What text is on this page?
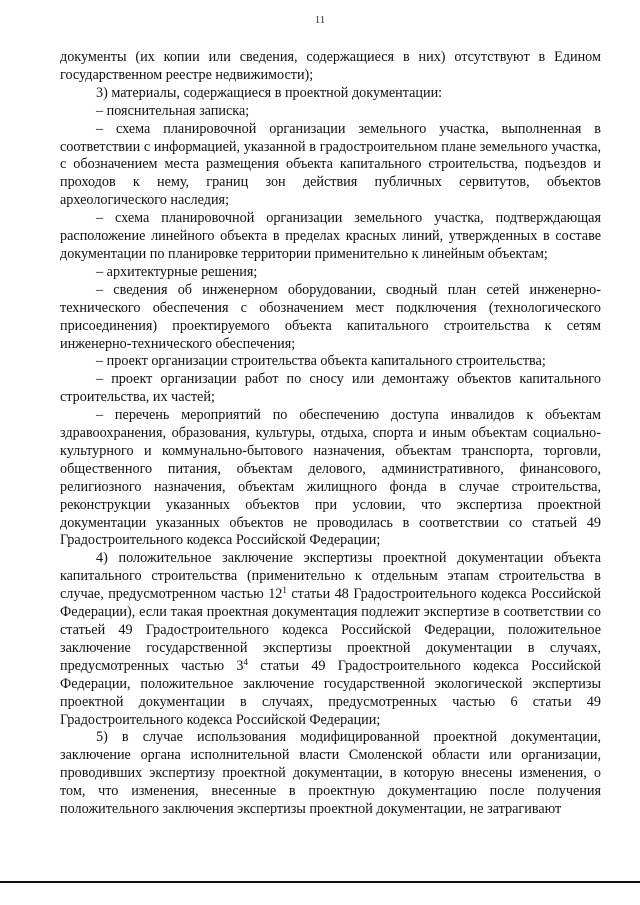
11

документы (их копии или сведения, содержащиеся в них) отсутствуют в Едином государственном реестре недвижимости);

3) материалы, содержащиеся в проектной документации:

– пояснительная записка;

– схема планировочной организации земельного участка, выполненная в соответствии с информацией, указанной в градостроительном плане земельного участка, с обозначением места размещения объекта капитального строительства, подъездов и проходов к нему, границ зон действия публичных сервитутов, объектов археологического наследия;

– схема планировочной организации земельного участка, подтверждающая расположение линейного объекта в пределах красных линий, утвержденных в составе документации по планировке территории применительно к линейным объектам;

– архитектурные решения;

– сведения об инженерном оборудовании, сводный план сетей инженерно-технического обеспечения с обозначением мест подключения (технологического присоединения) проектируемого объекта капитального строительства к сетям инженерно-технического обеспечения;

– проект организации строительства объекта капитального строительства;

– проект организации работ по сносу или демонтажу объектов капитального строительства, их частей;

– перечень мероприятий по обеспечению доступа инвалидов к объектам здравоохранения, образования, культуры, отдыха, спорта и иным объектам социально-культурного и коммунально-бытового назначения, объектам транспорта, торговли, общественного питания, объектам делового, административного, финансового, религиозного назначения, объектам жилищного фонда в случае строительства, реконструкции указанных объектов при условии, что экспертиза проектной документации указанных объектов не проводилась в соответствии со статьей 49 Градостроительного кодекса Российской Федерации;

4) положительное заключение экспертизы проектной документации объекта капитального строительства (применительно к отдельным этапам строительства в случае, предусмотренном частью $12^1$ статьи 48 Градостроительного кодекса Российской Федерации), если такая проектная документация подлежит экспертизе в соответствии со статьей 49 Градостроительного кодекса Российской Федерации, положительное заключение государственной экспертизы проектной документации в случаях, предусмотренных частью $3^4$ статьи 49 Градостроительного кодекса Российской Федерации, положительное заключение государственной экологической экспертизы проектной документации в случаях, предусмотренных частью 6 статьи 49 Градостроительного кодекса Российской Федерации;

5) в случае использования модифицированной проектной документации, заключение органа исполнительной власти Смоленской области или организации, проводивших экспертизу проектной документации, в которую внесены изменения, о том, что изменения, внесенные в проектную документацию после получения положительного заключения экспертизы проектной документации, не затрагивают
